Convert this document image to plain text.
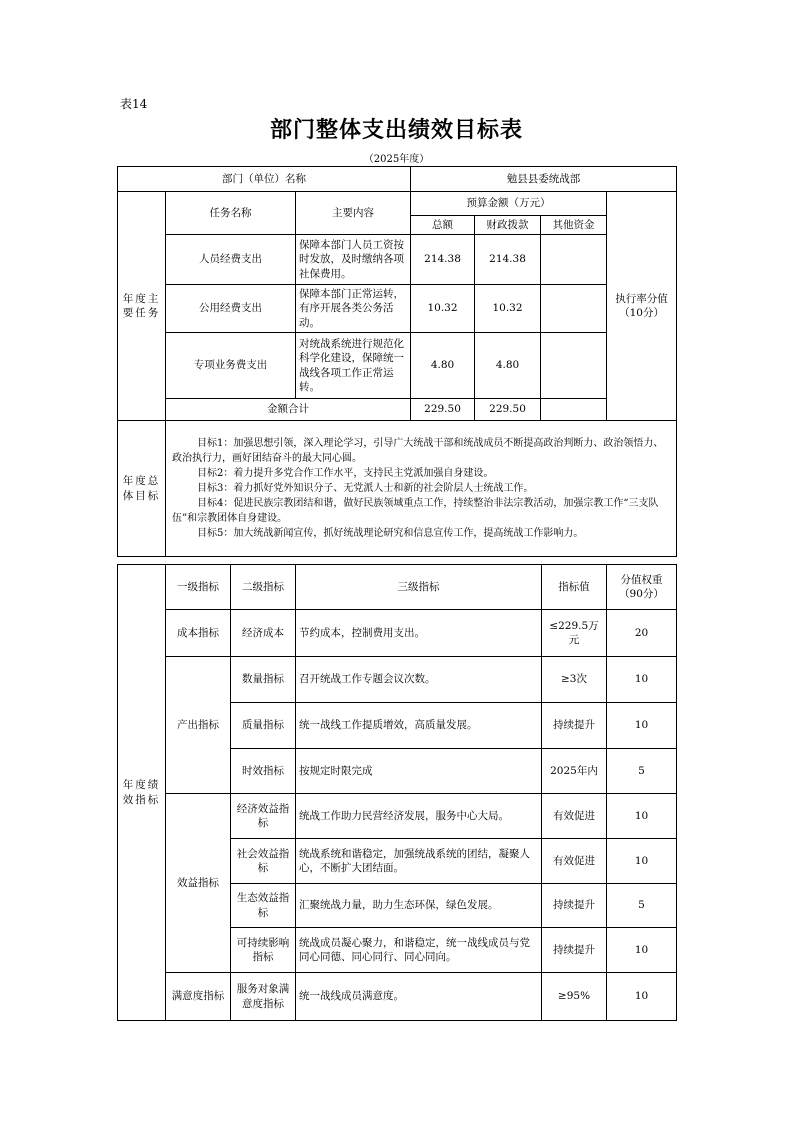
表14
部门整体支出绩效目标表
（2025年度）
部门（单位）名称			勉县县委统战部			
年度主要任务	任务名称	主要内容	预算金额（万元）			执行率分值（10分）
			总额	财政拨款	其他资金	
	人员经费支出	保障本部门人员工资按时发放，及时缴纳各项社保费用。	214.38	214.38		
	公用经费支出	保障本部门正常运转，有序开展各类公务活动。	10.32	10.32		
	专项业务费支出	对统战系统进行规范化科学化建设，保障统一战线各项工作正常运转。	4.80	4.80		
	金额合计		229.50	229.50		
年度总体目标	目标1：加强思想引领，深入理论学习，引导广大统战干部和统战成员不断提高政治判断力、政治领悟力、政治执行力，画好团结奋斗的最大同心圆。
目标2：着力提升多党合作工作水平，支持民主党派加强自身建设。
目标3：着力抓好党外知识分子、无党派人士和新的社会阶层人士统战工作。
目标4：促进民族宗教团结和谐，做好民族领域重点工作，持续整治非法宗教活动，加强宗教工作“三支队伍”和宗教团体自身建设。
目标5：加大统战新闻宣传，抓好统战理论研究和信息宣传工作，提高统战工作影响力。					
年度绩效指标	一级指标	二级指标	三级指标	指标值	分值权重（90分）
	成本指标	经济成本	节约成本，控制费用支出。	≤229.5万元	20
	产出指标	数量指标	召开统战工作专题会议次数。	≥3次	10
		质量指标	统一战线工作提质增效，高质量发展。	持续提升	10
		时效指标	按规定时限完成	2025年内	5
	效益指标	经济效益指标	统战工作助力民营经济发展，服务中心大局。	有效促进	10
		社会效益指标	统战系统和谐稳定，加强统战系统的团结，凝聚人心，不断扩大团结面。	有效促进	10
		生态效益指标	汇聚统战力量，助力生态环保，绿色发展。	持续提升	5
		可持续影响指标	统战成员凝心聚力，和谐稳定，统一战线成员与党同心同德、同心同行、同心同向。	持续提升	10
	满意度指标	服务对象满意度指标	统一战线成员满意度。	≥95%	10
